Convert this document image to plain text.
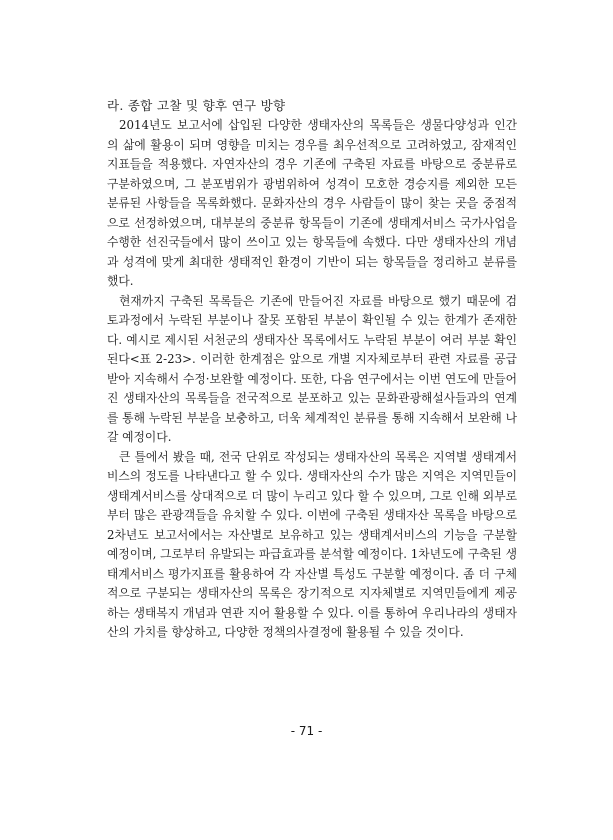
라. 종합 고찰 및 향후 연구 방향

2014년도 보고서에 삽입된 다양한 생태자산의 목록들은 생물다양성과 인간의 삶에 활용이 되며 영향을 미치는 경우를 최우선적으로 고려하였고, 잠재적인 지표들을 적용했다. 자연자산의 경우 기존에 구축된 자료를 바탕으로 중분류로 구분하였으며, 그 분포범위가 광범위하여 성격이 모호한 경승지를 제외한 모든 분류된 사항들을 목록화했다. 문화자산의 경우 사람들이 많이 찾는 곳을 중점적으로 선정하였으며, 대부분의 중분류 항목들이 기존에 생태계서비스 국가사업을 수행한 선진국들에서 많이 쓰이고 있는 항목들에 속했다. 다만 생태자산의 개념과 성격에 맞게 최대한 생태적인 환경이 기반이 되는 항목들을 정리하고 분류를 했다.

현재까지 구축된 목록들은 기존에 만들어진 자료를 바탕으로 했기 때문에 검토과정에서 누락된 부분이나 잘못 포함된 부분이 확인될 수 있는 한계가 존재한다. 예시로 제시된 서천군의 생태자산 목록에서도 누락된 부분이 여러 부분 확인된다<표 2-23>. 이러한 한계점은 앞으로 개별 지자체로부터 관련 자료를 공급받아 지속해서 수정·보완할 예정이다. 또한, 다음 연구에서는 이번 연도에 만들어진 생태자산의 목록들을 전국적으로 분포하고 있는 문화관광해설사들과의 연계를 통해 누락된 부분을 보충하고, 더욱 체계적인 분류를 통해 지속해서 보완해 나갈 예정이다.

큰 틀에서 봤을 때, 전국 단위로 작성되는 생태자산의 목록은 지역별 생태계서비스의 정도를 나타낸다고 할 수 있다. 생태자산의 수가 많은 지역은 지역민들이 생태계서비스를 상대적으로 더 많이 누리고 있다 할 수 있으며, 그로 인해 외부로부터 많은 관광객들을 유치할 수 있다. 이번에 구축된 생태자산 목록을 바탕으로 2차년도 보고서에서는 자산별로 보유하고 있는 생태계서비스의 기능을 구분할 예정이며, 그로부터 유발되는 파급효과를 분석할 예정이다. 1차년도에 구축된 생태계서비스 평가지표를 활용하여 각 자산별 특성도 구분할 예정이다. 좀 더 구체적으로 구분되는 생태자산의 목록은 장기적으로 지자체별로 지역민들에게 제공하는 생태복지 개념과 연관 지어 활용할 수 있다. 이를 통하여 우리나라의 생태자산의 가치를 향상하고, 다양한 정책의사결정에 활용될 수 있을 것이다.

- 71 -
